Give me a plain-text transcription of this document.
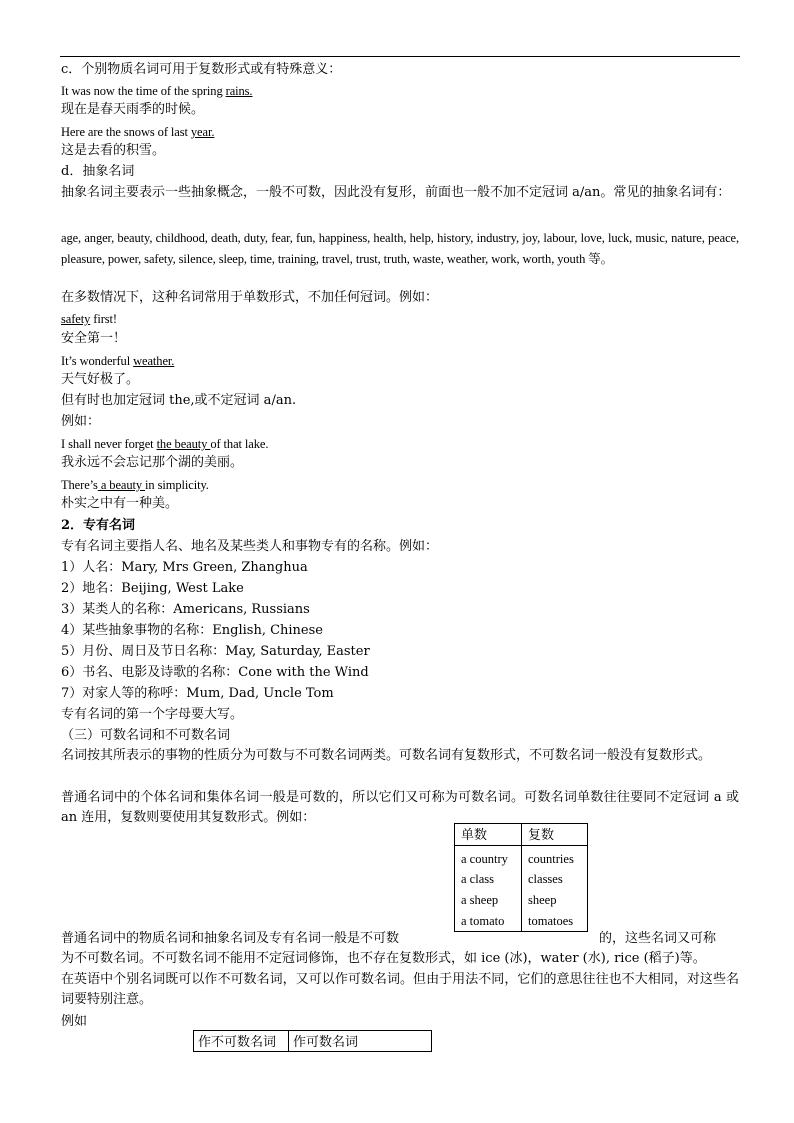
c．个别物质名词可用于复数形式或有特殊意义：
It was now the time of the spring rains.
现在是春天雨季的时候。
Here are the snows of last year.
这是去看的积雪。
d．抽象名词
抽象名词主要表示一些抽象概念，一般不可数，因此没有复形，前面也一般不加不定冠词 a/an。常见的抽象名词有：
age, anger, beauty, childhood, death, duty, fear, fun, happiness, health, help, history, industry, joy, labour, love, luck, music, nature, peace, pleasure, power, safety, silence, sleep, time, training, travel, trust, truth, waste, weather, work, worth, youth 等。
在多数情况下，这种名词常用于单数形式，不加任何冠词。例如：
safety first!
安全第一！
It’s wonderful weather.
天气好极了。
但有时也加定冠词 the,或不定冠词 a/an.
例如：
I shall never forget the beauty of that lake.
我永远不会忘记那个湖的美丽。
There’s a beauty in simplicity.
朴实之中有一种美。
2．专有名词
专有名词主要指人名、地名及某些类人和事物专有的名称。例如：
1）人名：Mary, Mrs Green, Zhanghua
2）地名：Beijing, West Lake
3）某类人的名称：Americans, Russians
4）某些抽象事物的名称：English, Chinese
5）月份、周日及节日名称：May, Saturday, Easter
6）书名、电影及诗歌的名称：Cone with the Wind
7）对家人等的称呼：Mum, Dad, Uncle Tom
专有名词的第一个字母要大写。
（三）可数名词和不可数名词
名词按其所表示的事物的性质分为可数与不可数名词两类。可数名词有复数形式，不可数名词一般没有复数形式。
普通名词中的个体名词和集体名词一般是可数的，所以它们又可称为可数名词。可数名词单数往往要同不定冠词 a 或 an 连用，复数则要使用其复数形式。例如：
单数	复数
a country	countries
a class	classes
a sheep	sheep
a tomato	tomatoes
普通名词中的物质名词和抽象名词及专有名词一般是不可数	的，这些名词又可称
为不可数名词。不可数名词不能用不定冠词修饰，也不存在复数形式，如 ice (冰)，water (水), rice (稻子)等。
在英语中个别名词既可以作不可数名词，又可以作可数名词。但由于用法不同，它们的意思往往也不大相同，对这些名词要特别注意。
例如
作不可数名词	作可数名词
